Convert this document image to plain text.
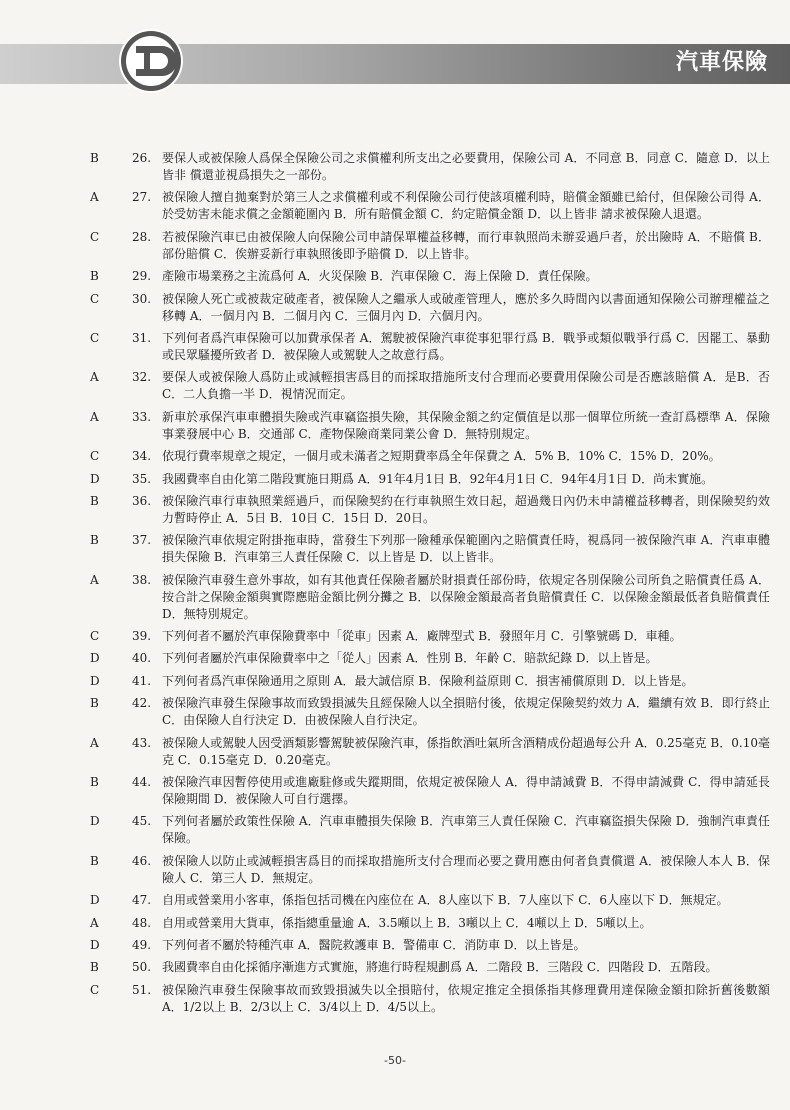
汽車保險
B	26. 要保人或被保險人爲保全保險公司之求償權利所支出之必要費用，保險公司 A．不同意 B．同意 C．隨意 D．以上皆非 償還並視爲損失之一部份。
A	27. 被保險人擅自拋棄對於第三人之求償權利或不利保險公司行使該項權利時，賠償金額雖已給付，但保險公司得 A．於受妨害未能求償之金額範圍內 B．所有賠償金額 C．約定賠償金額 D．以上皆非 請求被保險人退還。
C	28. 若被保險汽車已由被保險人向保險公司申請保單權益移轉，而行車執照尚未辦妥過戶者，於出險時 A．不賠償 B．部份賠償 C．俟辦妥新行車執照後即予賠償 D．以上皆非。
B	29. 產險市場業務之主流爲何 A．火災保險 B．汽車保險 C．海上保險 D．責任保險。
C	30. 被保險人死亡或被裁定破產者，被保險人之繼承人或破產管理人，應於多久時間內以書面通知保險公司辦理權益之移轉 A．一個月內 B．二個月內 C．三個月內 D．六個月內。
C	31. 下列何者爲汽車保險可以加費承保者 A．駕駛被保險汽車從事犯罪行爲 B．戰爭或類似戰爭行爲 C．因罷工、暴動或民眾騷擾所致者 D．被保險人或駕駛人之故意行爲。
A	32. 要保人或被保險人爲防止或減輕損害爲目的而採取措施所支付合理而必要費用保險公司是否應該賠償 A．是B．否 C．二人負擔一半 D．視情況而定。
A	33. 新車於承保汽車車體損失險或汽車竊盜損失險，其保險金額之約定價值是以那一個單位所統一查訂爲標準 A．保險事業發展中心 B．交通部 C．產物保險商業同業公會 D．無特別規定。
C	34. 依現行費率規章之規定，一個月或未滿者之短期費率爲全年保費之 A．5% B．10% C．15% D．20%。
D	35. 我國費率自由化第二階段實施日期爲 A．91年4月1日 B．92年4月1日 C．94年4月1日 D．尚未實施。
B	36. 被保險汽車行車執照業經過戶，而保險契約在行車執照生效日起，超過幾日內仍未申請權益移轉者，則保險契約效力暫時停止 A．5日 B．10日 C．15日 D．20日。
B	37. 被保險汽車依規定附掛拖車時，當發生下列那一險種承保範圍內之賠償責任時，視爲同一被保險汽車 A．汽車車體損失保險 B．汽車第三人責任保險 C．以上皆是 D．以上皆非。
A	38. 被保險汽車發生意外事故，如有其他責任保險者屬於財損責任部份時，依規定各別保險公司所負之賠償責任爲 A．按合計之保險金額與實際應賠金額比例分攤之 B．以保險金額最高者負賠償責任 C．以保險金額最低者負賠償責任 D．無特別規定。
C	39. 下列何者不屬於汽車保險費率中「從車」因素 A．廠牌型式 B．發照年月 C．引擎號碼 D．車種。
D	40. 下列何者屬於汽車保險費率中之「從人」因素 A．性別 B．年齡 C．賠款紀錄 D．以上皆是。
D	41. 下列何者爲汽車保險通用之原則 A．最大誠信原 B．保險利益原則 C．損害補償原則 D．以上皆是。
B	42. 被保險汽車發生保險事故而致毀損滅失且經保險人以全損賠付後，依規定保險契約效力 A．繼續有效 B．即行終止 C．由保險人自行決定 D．由被保險人自行決定。
A	43. 被保險人或駕駛人因受酒類影響駕駛被保險汽車，係指飲酒吐氣所含酒精成份超過每公升 A．0.25毫克 B．0.10毫克 C．0.15毫克 D．0.20毫克。
B	44. 被保險汽車因暫停使用或進廠駐修或失蹤期間，依規定被保險人 A．得申請減費 B．不得申請減費 C．得申請延長保險期間 D．被保險人可自行選擇。
D	45. 下列何者屬於政策性保險 A．汽車車體損失保險 B．汽車第三人責任保險 C．汽車竊盜損失保險 D．強制汽車責任保險。
B	46. 被保險人以防止或減輕損害爲目的而採取措施所支付合理而必要之費用應由何者負責償還 A．被保險人本人 B．保險人 C．第三人 D．無規定。
D	47. 自用或營業用小客車，係指包括司機在內座位在 A．8人座以下 B．7人座以下 C．6人座以下 D．無規定。
A	48. 自用或營業用大貨車，係指總重量逾 A．3.5噸以上 B．3噸以上 C．4噸以上 D．5噸以上。
D	49. 下列何者不屬於特種汽車 A．醫院救護車 B．警備車 C．消防車 D．以上皆是。
B	50. 我國費率自由化採循序漸進方式實施，將進行時程規劃爲 A．二階段 B．三階段 C．四階段 D．五階段。
C	51. 被保險汽車發生保險事故而致毀損滅失以全損賠付，依規定推定全損係指其修理費用達保險金額扣除折舊後數額 A．1/2以上 B．2/3以上 C．3/4以上 D．4/5以上。
-50-
